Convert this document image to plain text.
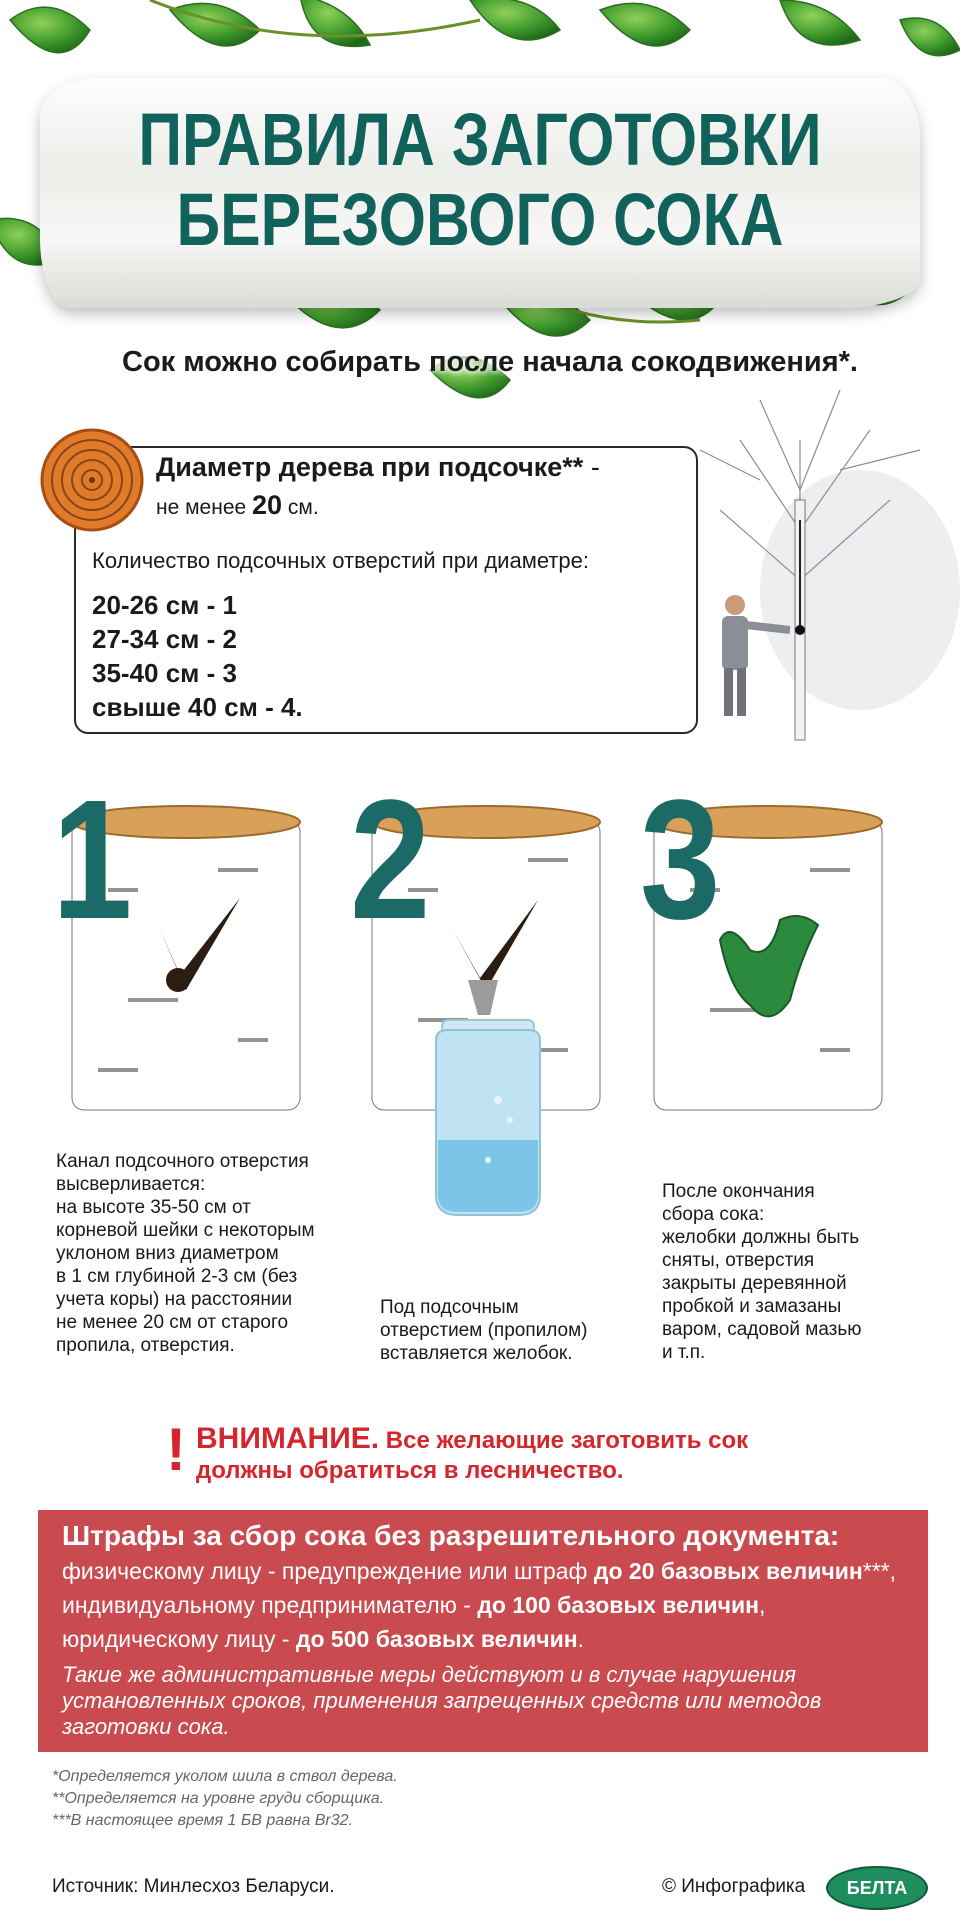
ПРАВИЛА ЗАГОТОВКИ
БЕРЕЗОВОГО СОКА
Сок можно собирать после начала сокодвижения*.
Диаметр дерева при подсочке** -
не менее 20 см.
Количество подсочных отверстий при диаметре:
20-26 см - 1
27-34 см - 2
35-40 см - 3
свыше 40 см - 4.
1 2 3
Канал подсочного отверстия
высверливается:
на высоте 35-50 см от
корневой шейки с некоторым
уклоном вниз диаметром
в 1 см глубиной 2-3 см (без
учета коры) на расстоянии
не менее 20 см от старого
пропила, отверстия.
Под подсочным
отверстием (пропилом)
вставляется желобок.
После окончания
сбора сока:
желобки должны быть
сняты, отверстия
закрыты деревянной
пробкой и замазаны
варом, садовой мазью
и т.п.
! ВНИМАНИЕ. Все желающие заготовить сок
должны обратиться в лесничество.
Штрафы за сбор сока без разрешительного документа:
физическому лицу - предупреждение или штраф до 20 базовых величин***,
индивидуальному предпринимателю - до 100 базовых величин,
юридическому лицу - до 500 базовых величин.
Такие же административные меры действуют и в случае нарушения установленных сроков, применения запрещенных средств или методов заготовки сока.
*Определяется уколом шила в ствол дерева.
**Определяется на уровне груди сборщика.
***В настоящее время 1 БВ равна Br32.
Источник: Минлесхоз Беларуси.	© Инфографика	БЕЛТА
